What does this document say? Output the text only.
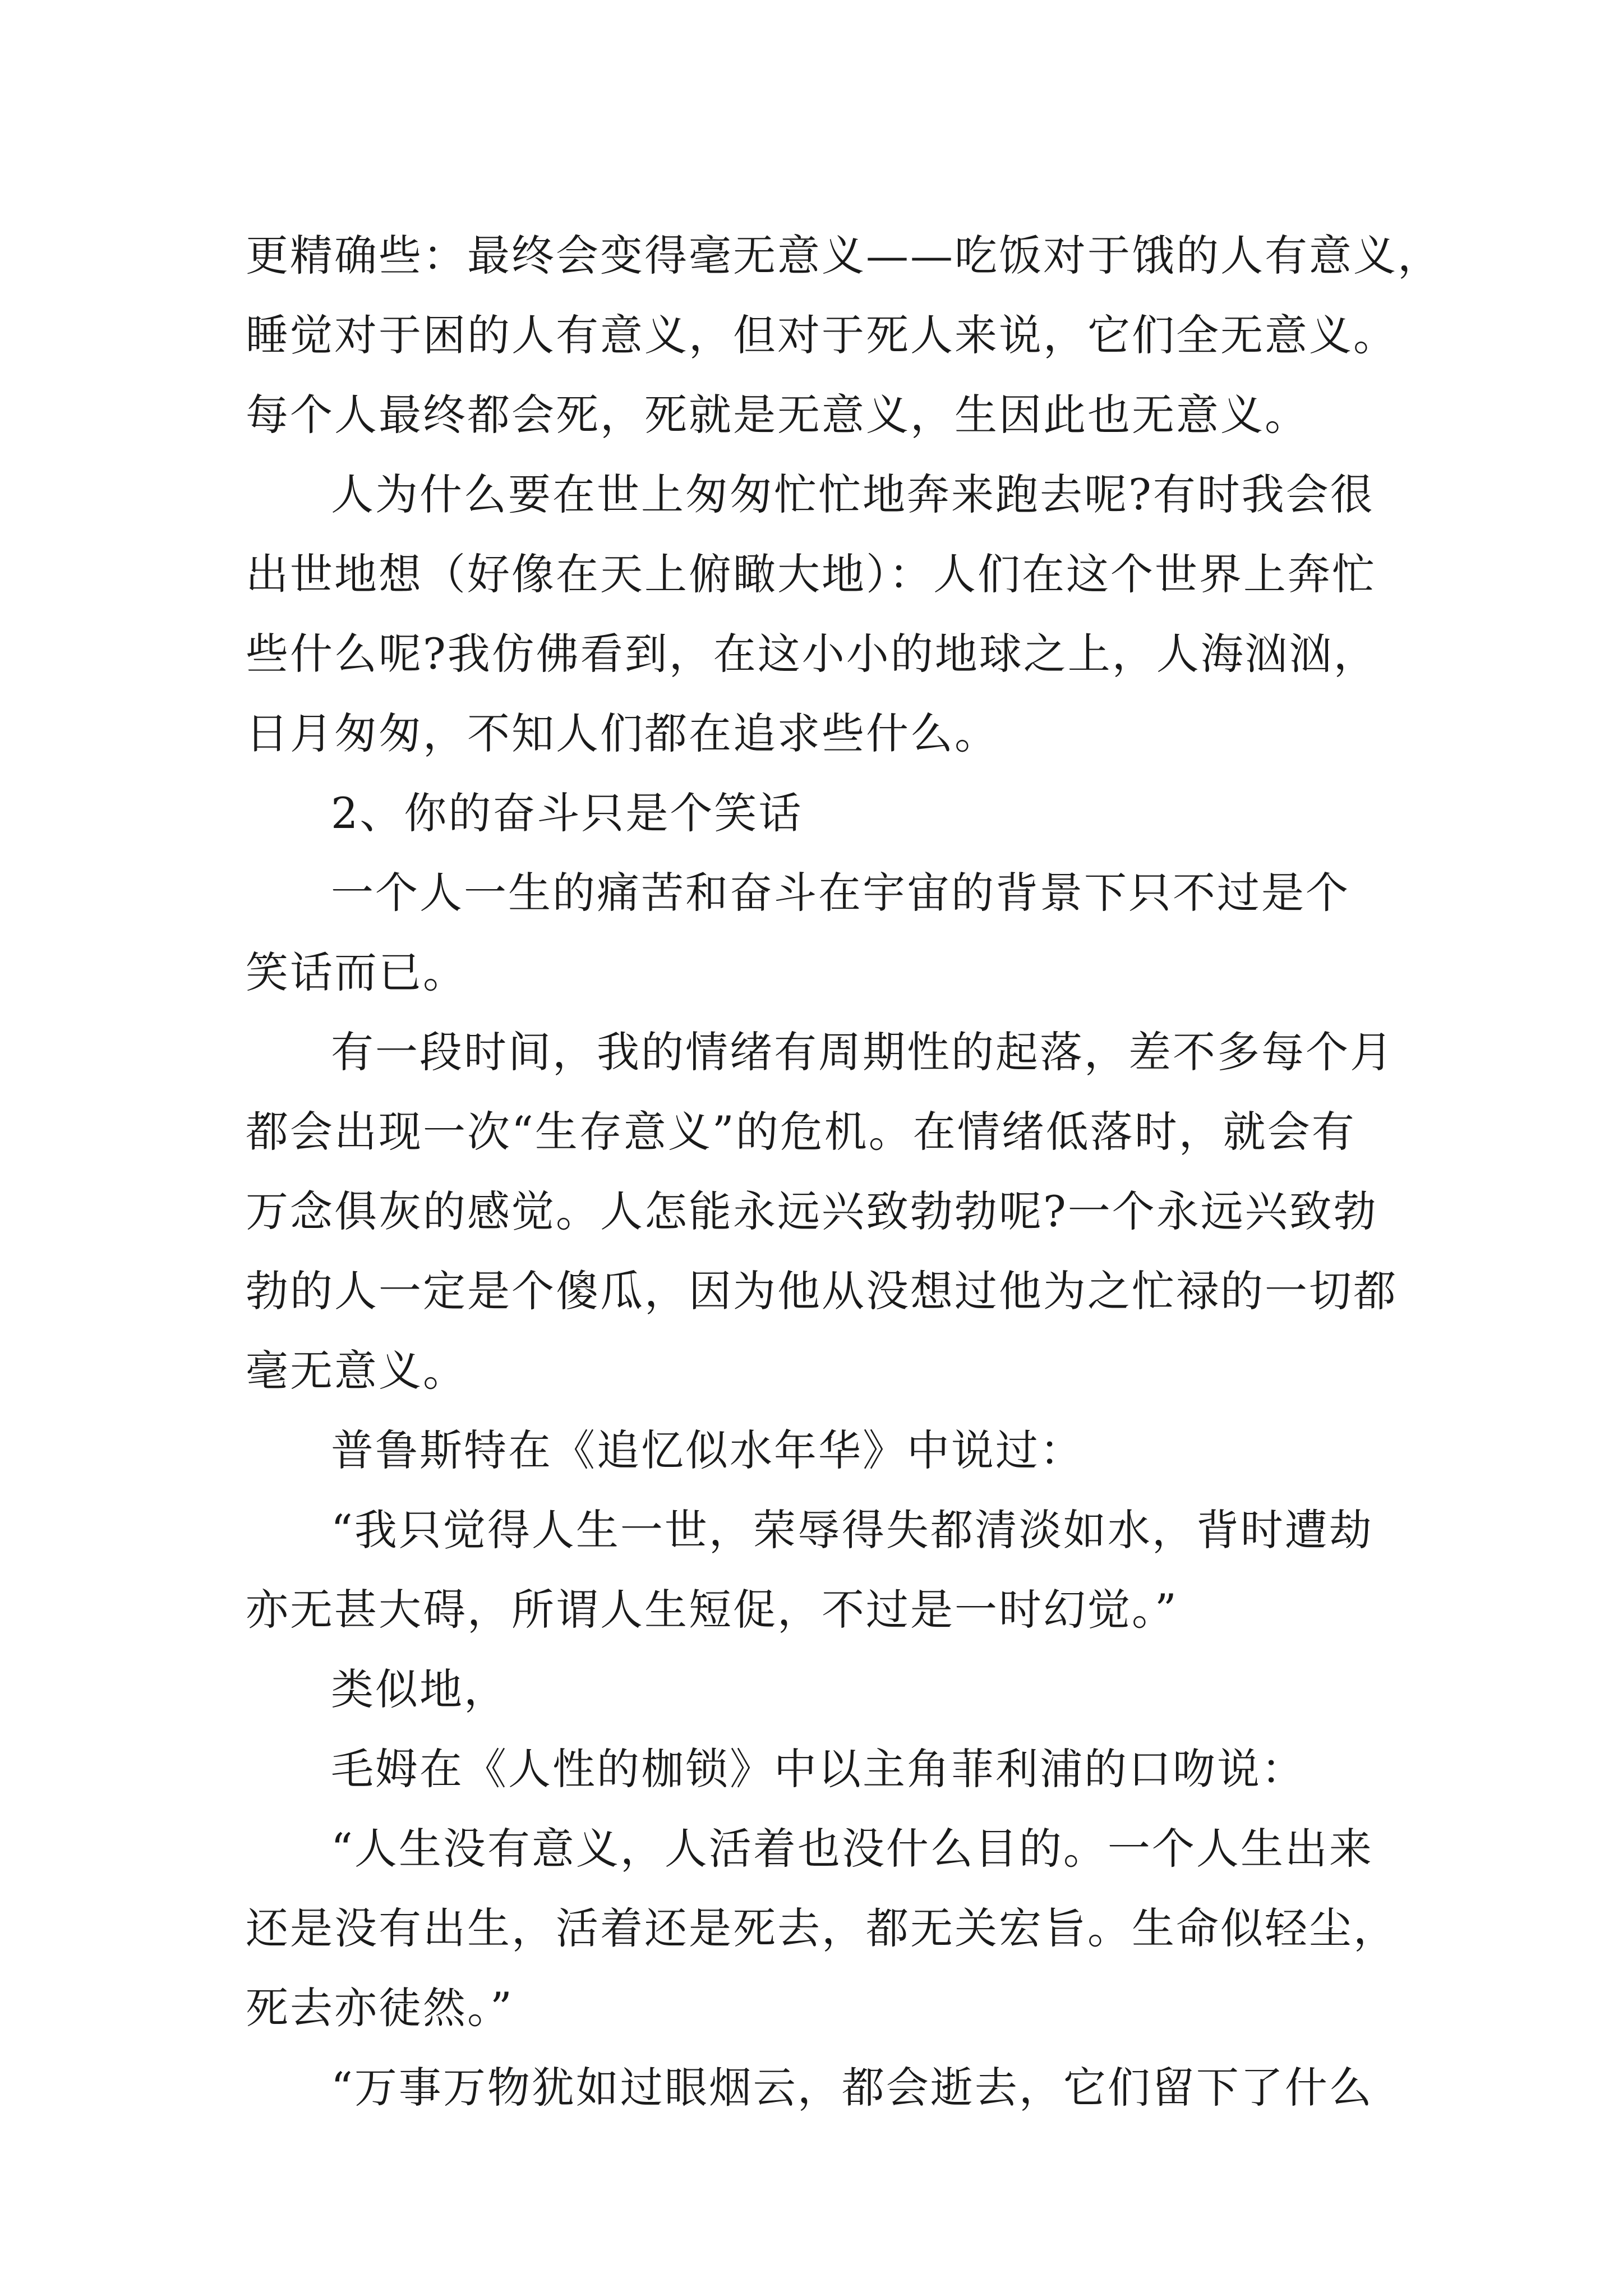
更精确些：最终会变得毫无意义——吃饭对于饿的人有意义，
睡觉对于困的人有意义，但对于死人来说，它们全无意义。
每个人最终都会死，死就是无意义，生因此也无意义。
人为什么要在世上匆匆忙忙地奔来跑去呢?有时我会很
出世地想（好像在天上俯瞰大地）：人们在这个世界上奔忙
些什么呢?我仿佛看到，在这小小的地球之上，人海汹汹，
日月匆匆，不知人们都在追求些什么。
2、你的奋斗只是个笑话
一个人一生的痛苦和奋斗在宇宙的背景下只不过是个
笑话而已。
有一段时间，我的情绪有周期性的起落，差不多每个月
都会出现一次“生存意义”的危机。在情绪低落时，就会有
万念俱灰的感觉。人怎能永远兴致勃勃呢?一个永远兴致勃
勃的人一定是个傻瓜，因为他从没想过他为之忙禄的一切都
毫无意义。
普鲁斯特在《追忆似水年华》中说过：
“我只觉得人生一世，荣辱得失都清淡如水，背时遭劫
亦无甚大碍，所谓人生短促，不过是一时幻觉。”
类似地，
毛姆在《人性的枷锁》中以主角菲利浦的口吻说：
“人生没有意义，人活着也没什么目的。一个人生出来
还是没有出生，活着还是死去，都无关宏旨。生命似轻尘，
死去亦徒然。”
“万事万物犹如过眼烟云，都会逝去，它们留下了什么
